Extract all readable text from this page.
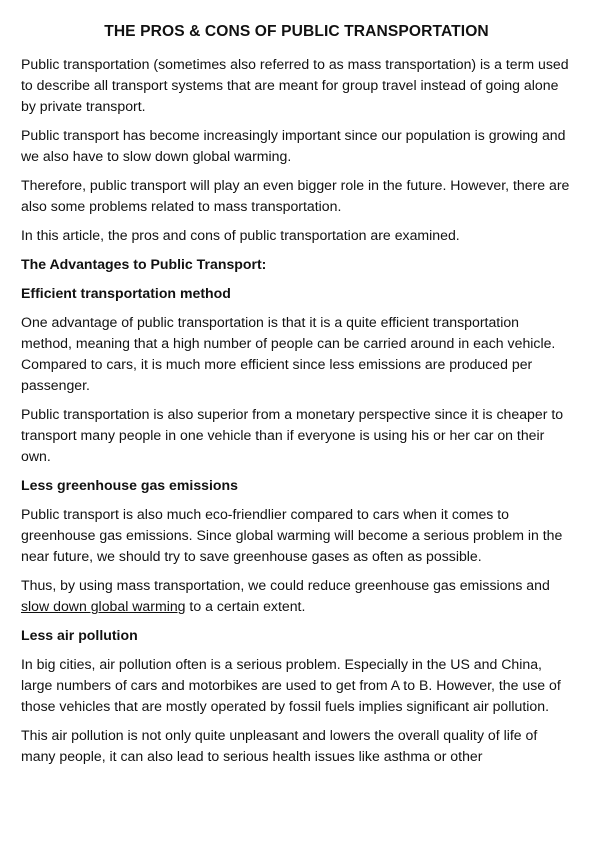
THE PROS & CONS OF PUBLIC TRANSPORTATION

Public transportation (sometimes also referred to as mass transportation) is a term used to describe all transport systems that are meant for group travel instead of going alone by private transport.

Public transport has become increasingly important since our population is growing and we also have to slow down global warming.

Therefore, public transport will play an even bigger role in the future. However, there are also some problems related to mass transportation.

In this article, the pros and cons of public transportation are examined.

The Advantages to Public Transport:

Efficient transportation method

One advantage of public transportation is that it is a quite efficient transportation method, meaning that a high number of people can be carried around in each vehicle. Compared to cars, it is much more efficient since less emissions are produced per passenger.

Public transportation is also superior from a monetary perspective since it is cheaper to transport many people in one vehicle than if everyone is using his or her car on their own.

Less greenhouse gas emissions

Public transport is also much eco-friendlier compared to cars when it comes to greenhouse gas emissions. Since global warming will become a serious problem in the near future, we should try to save greenhouse gases as often as possible.

Thus, by using mass transportation, we could reduce greenhouse gas emissions and slow down global warming to a certain extent.

Less air pollution

In big cities, air pollution often is a serious problem. Especially in the US and China, large numbers of cars and motorbikes are used to get from A to B. However, the use of those vehicles that are mostly operated by fossil fuels implies significant air pollution.

This air pollution is not only quite unpleasant and lowers the overall quality of life of many people, it can also lead to serious health issues like asthma or other
